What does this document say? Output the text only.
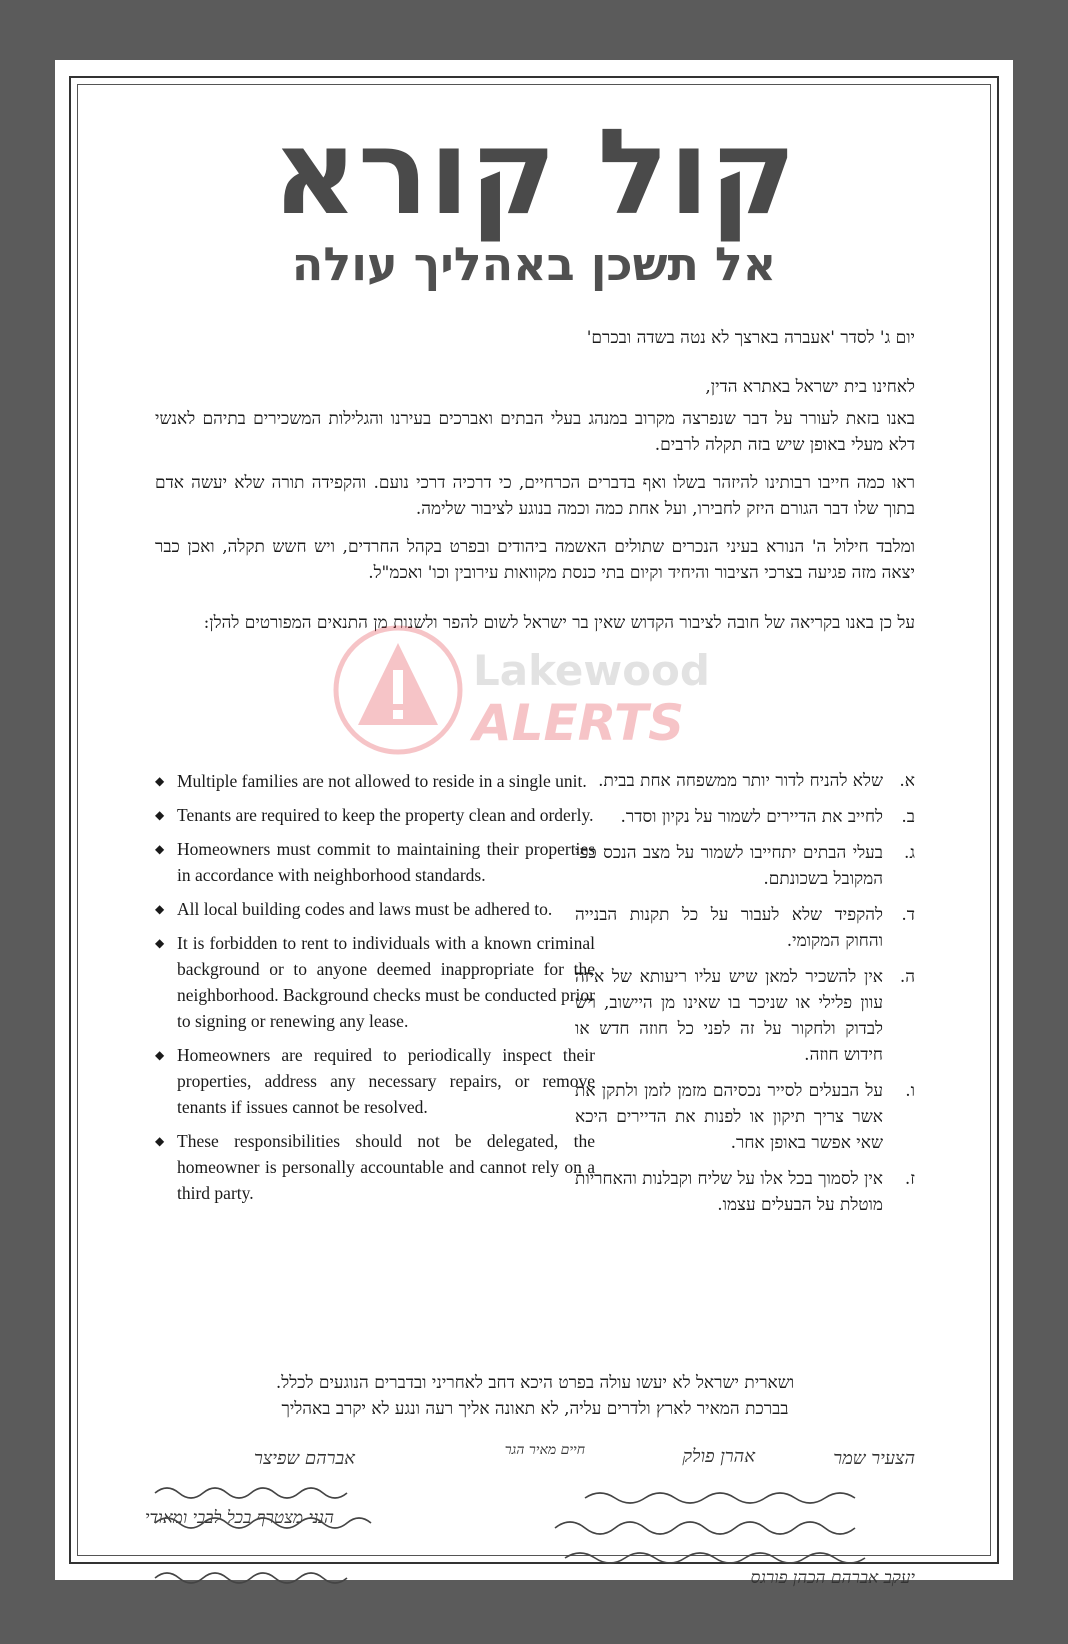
קול קורא
אל תשכן באהליך עולה
יום ג' לסדר 'אעברה בארצך לא נטה בשדה ובכרם'
לאחינו בית ישראל באתרא הדין,
באנו בזאת לעורר על דבר שנפרצה מקרוב במנהג בעלי הבתים ואברכים בעירנו והגלילות המשכירים בתיהם לאנשי דלא מעלי באופן שיש בזה תקלה לרבים.
ראו כמה חייבו רבותינו להיזהר בשלו ואף בדברים הכרחיים, כי דרכיה דרכי נועם. והקפידה תורה שלא יעשה אדם בתוך שלו דבר הגורם היזק לחבירו, ועל אחת כמה וכמה בנוגע לציבור שלימה.
ומלבד חילול ה' הנורא בעיני הנכרים שתולים האשמה ביהודים ובפרט בקהל החרדים, ויש חשש תקלה, ואכן כבר יצאה מזה פגיעה בצרכי הציבור והיחיד וקיום בתי כנסת מקוואות עירובין וכו' ואכמ"ל.
על כן באנו בקריאה של חובה לציבור הקדוש שאין בר ישראל לשום להפר ולשנות מן התנאים המפורטים להלן:
Lakewood
ALERTS
א.
שלא להניח לדור יותר ממשפחה אחת בבית.
ב.
לחייב את הדיירים לשמור על נקיון וסדר.
ג.
בעלי הבתים יתחייבו לשמור על מצב הנכס כפי המקובל בשכונתם.
ד.
להקפיד שלא לעבור על כל תקנות הבנייה והחוק המקומי.
ה.
אין להשכיר למאן שיש עליו ריעותא של איזה עוון פלילי או שניכר בו שאינו מן היישוב, ויש לבדוק ולחקור על זה לפני כל חוזה חדש או חידוש חוזה.
ו.
על הבעלים לסייר נכסיהם מזמן לזמן ולתקן את אשר צריך תיקון או לפנות את הדיירים היכא שאי אפשר באופן אחר.
ז.
אין לסמוך בכל אלו על שליח וקבלנות והאחריות מוטלת על הבעלים עצמו.
◆ Multiple families are not allowed to reside in a single unit.
◆ Tenants are required to keep the property clean and orderly.
◆ Homeowners must commit to maintaining their properties in accordance with neighborhood standards.
◆ All local building codes and laws must be adhered to.
◆ It is forbidden to rent to individuals with a known criminal background or to anyone deemed inappropriate for the neighborhood. Background checks must be conducted prior to signing or renewing any lease.
◆ Homeowners are required to periodically inspect their properties, address any necessary repairs, or remove tenants if issues cannot be resolved.
◆ These responsibilities should not be delegated, the homeowner is personally accountable and cannot rely on a third party.
ושארית ישראל לא יעשו עולה בפרט היכא דחב לאחריני ובדברים הנוגעים לכלל.
בברכת המאיר לארץ ולדרים עליה, לא תאונה אליך רעה ונגע לא יקרב באהליך
הצעיר שמר
אהרן פולק
חיים מאיר הגר
אברהם שפיצר
הנני מצטרף בכל לבבי ומאודי
יעקב אברהם הכהן פורגס
